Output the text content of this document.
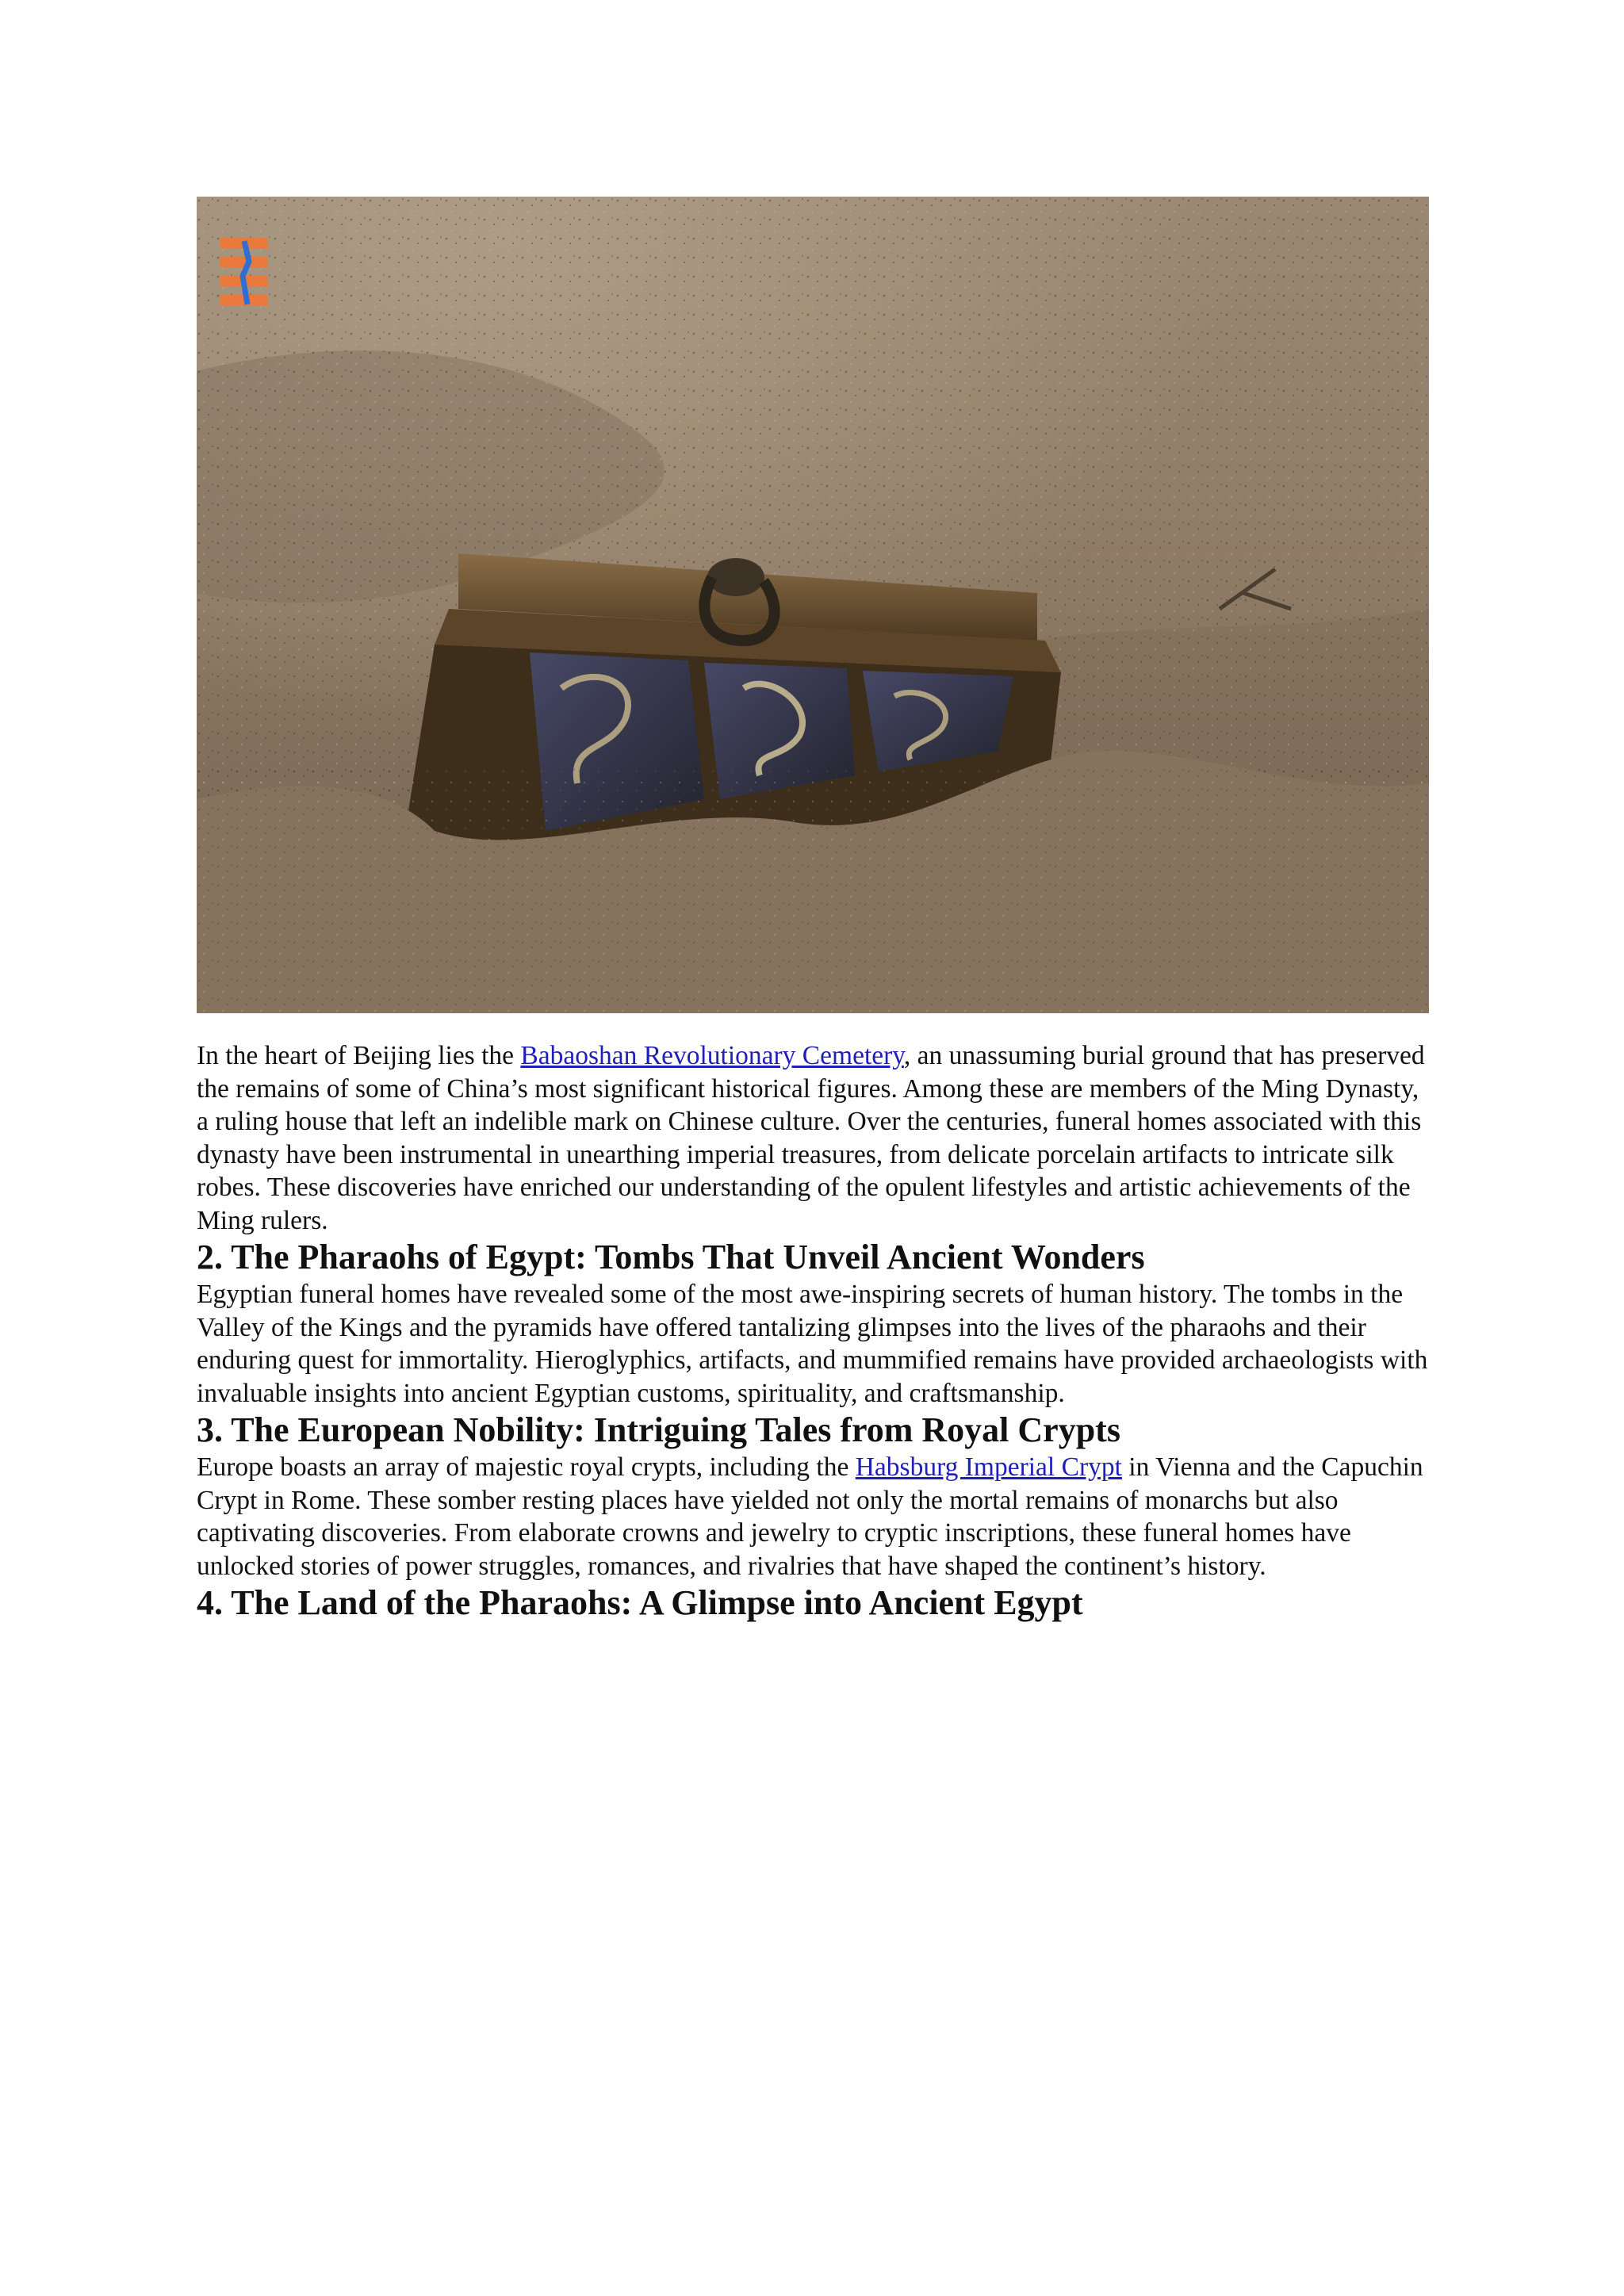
In the heart of Beijing lies the Babaoshan Revolutionary Cemetery, an unassuming burial ground that has preserved the remains of some of China’s most significant historical figures. Among these are members of the Ming Dynasty, a ruling house that left an indelible mark on Chinese culture. Over the centuries, funeral homes associated with this dynasty have been instrumental in unearthing imperial treasures, from delicate porcelain artifacts to intricate silk robes. These discoveries have enriched our understanding of the opulent lifestyles and artistic achievements of the Ming rulers.

2. The Pharaohs of Egypt: Tombs That Unveil Ancient Wonders

Egyptian funeral homes have revealed some of the most awe-inspiring secrets of human history. The tombs in the Valley of the Kings and the pyramids have offered tantalizing glimpses into the lives of the pharaohs and their enduring quest for immortality. Hieroglyphics, artifacts, and mummified remains have provided archaeologists with invaluable insights into ancient Egyptian customs, spirituality, and craftsmanship.

3. The European Nobility: Intriguing Tales from Royal Crypts

Europe boasts an array of majestic royal crypts, including the Habsburg Imperial Crypt in Vienna and the Capuchin Crypt in Rome. These somber resting places have yielded not only the mortal remains of monarchs but also captivating discoveries. From elaborate crowns and jewelry to cryptic inscriptions, these funeral homes have unlocked stories of power struggles, romances, and rivalries that have shaped the continent’s history.

4. The Land of the Pharaohs: A Glimpse into Ancient Egypt
